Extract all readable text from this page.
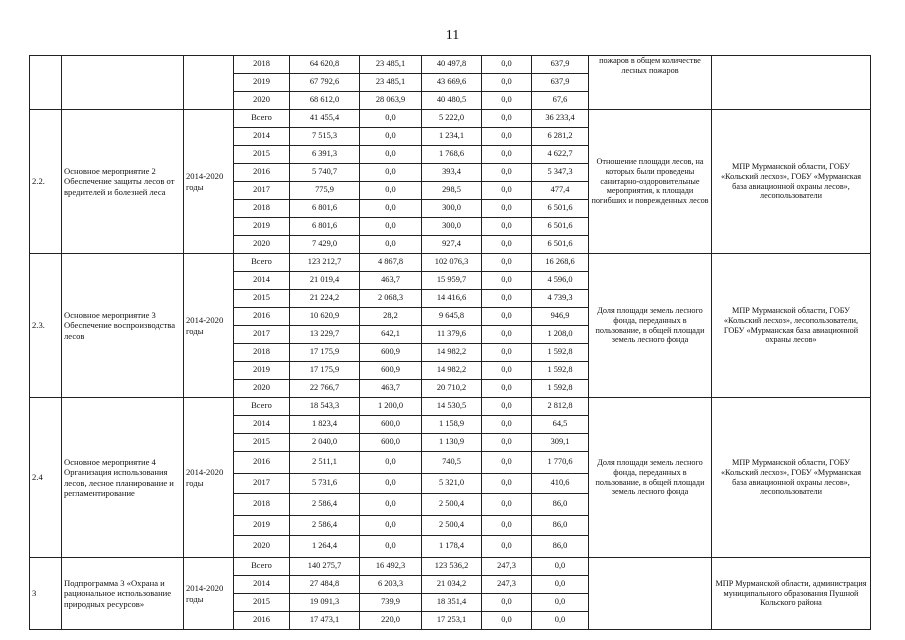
11
			2018	64 620,8	23 485,1	40 497,8	0,0	637,9	пожаров в общем количестве лесных пожаров	
			2019	67 792,6	23 485,1	43 669,6	0,0	637,9		
			2020	68 612,0	28 063,9	40 480,5	0,0	67,6		
2.2.	Основное мероприятие 2 Обеспечение защиты лесов от вредителей и болезней леса	2014-2020 годы	Всего	41 455,4	0,0	5 222,0	0,0	36 233,4	Отношение площади лесов, на которых были проведены санитарно-оздоровительные мероприятия, к площади погибших и поврежденных лесов	МПР Мурманской области, ГОБУ «Кольский лесхоз», ГОБУ «Мурманская база авиационной охраны лесов», лесопользователи
			2014	7 515,3	0,0	1 234,1	0,0	6 281,2		
			2015	6 391,3	0,0	1 768,6	0,0	4 622,7		
			2016	5 740,7	0,0	393,4	0,0	5 347,3		
			2017	775,9	0,0	298,5	0,0	477,4		
			2018	6 801,6	0,0	300,0	0,0	6 501,6		
			2019	6 801,6	0,0	300,0	0,0	6 501,6		
			2020	7 429,0	0,0	927,4	0,0	6 501,6		
2.3.	Основное мероприятие 3 Обеспечение воспроизводства лесов	2014-2020 годы	Всего	123 212,7	4 867,8	102 076,3	0,0	16 268,6	Доля площади земель лесного фонда, переданных в пользование, в общей площади земель лесного фонда	МПР Мурманской области, ГОБУ «Кольский лесхоз», лесопользователи, ГОБУ «Мурманская база авиационной охраны лесов»
			2014	21 019,4	463,7	15 959,7	0,0	4 596,0		
			2015	21 224,2	2 068,3	14 416,6	0,0	4 739,3		
			2016	10 620,9	28,2	9 645,8	0,0	946,9		
			2017	13 229,7	642,1	11 379,6	0,0	1 208,0		
			2018	17 175,9	600,9	14 982,2	0,0	1 592,8		
			2019	17 175,9	600,9	14 982,2	0,0	1 592,8		
			2020	22 766,7	463,7	20 710,2	0,0	1 592,8		
2.4	Основное мероприятие 4 Организация использования лесов, лесное планирование и регламентирование	2014-2020 годы	Всего	18 543,3	1 200,0	14 530,5	0,0	2 812,8	Доля площади земель лесного фонда, переданных в пользование, в общей площади земель лесного фонда	МПР Мурманской области, ГОБУ «Кольский лесхоз», ГОБУ «Мурманская база авиационной охраны лесов», лесопользователи
			2014	1 823,4	600,0	1 158,9	0,0	64,5		
			2015	2 040,0	600,0	1 130,9	0,0	309,1		
			2016	2 511,1	0,0	740,5	0,0	1 770,6		
			2017	5 731,6	0,0	5 321,0	0,0	410,6		
			2018	2 586,4	0,0	2 500,4	0,0	86,0		
			2019	2 586,4	0,0	2 500,4	0,0	86,0		
			2020	1 264,4	0,0	1 178,4	0,0	86,0		
3	Подпрограмма 3 «Охрана и рациональное использование природных ресурсов»	2014-2020 годы	Всего	140 275,7	16 492,3	123 536,2	247,3	0,0		МПР Мурманской области, администрация муниципального образования Пушной Кольского района
			2014	27 484,8	6 203,3	21 034,2	247,3	0,0		
			2015	19 091,3	739,9	18 351,4	0,0	0,0		
			2016	17 473,1	220,0	17 253,1	0,0	0,0		
